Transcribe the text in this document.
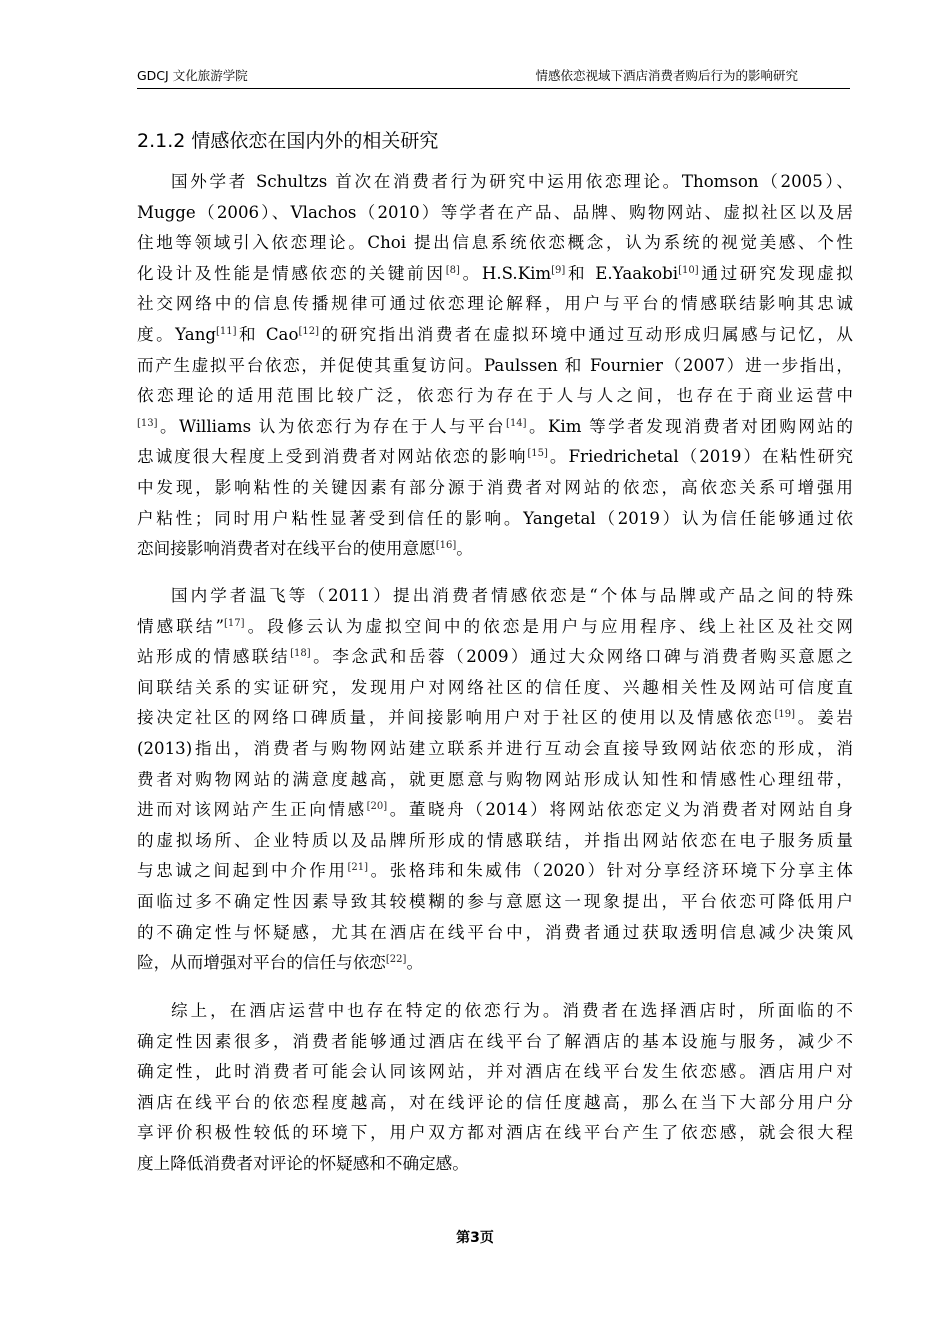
GDCJ 文化旅游学院	情感依恋视域下酒店消费者购后行为的影响研究
2.1.2 情感依恋在国内外的相关研究
国外学者 Schultzs 首次在消费者行为研究中运用依恋理论。Thomson（2005）、
Mugge（2006）、Vlachos（2010）等学者在产品、品牌、购物网站、虚拟社区以及居
住地等领域引入依恋理论。Choi 提出信息系统依恋概念，认为系统的视觉美感、个性
化设计及性能是情感依恋的关键前因[8]。H.S.Kim[9]和 E.Yaakobi[10]通过研究发现虚拟
社交网络中的信息传播规律可通过依恋理论解释，用户与平台的情感联结影响其忠诚
度。Yang[11]和 Cao[12]的研究指出消费者在虚拟环境中通过互动形成归属感与记忆，从
而产生虚拟平台依恋，并促使其重复访问。Paulssen 和 Fournier（2007）进一步指出，
依恋理论的适用范围比较广泛，依恋行为存在于人与人之间，也存在于商业运营中
[13]。Williams 认为依恋行为存在于人与平台[14]。Kim 等学者发现消费者对团购网站的
忠诚度很大程度上受到消费者对网站依恋的影响[15]。Friedrichetal（2019）在粘性研究
中发现，影响粘性的关键因素有部分源于消费者对网站的依恋，高依恋关系可增强用
户粘性；同时用户粘性显著受到信任的影响。Yangetal（2019）认为信任能够通过依
恋间接影响消费者对在线平台的使用意愿[16]。
国内学者温飞等（2011）提出消费者情感依恋是“个体与品牌或产品之间的特殊
情感联结”[17]。段修云认为虚拟空间中的依恋是用户与应用程序、线上社区及社交网
站形成的情感联结[18]。李念武和岳蓉（2009）通过大众网络口碑与消费者购买意愿之
间联结关系的实证研究，发现用户对网络社区的信任度、兴趣相关性及网站可信度直
接决定社区的网络口碑质量，并间接影响用户对于社区的使用以及情感依恋[19]。姜岩
(2013)指出，消费者与购物网站建立联系并进行互动会直接导致网站依恋的形成，消
费者对购物网站的满意度越高，就更愿意与购物网站形成认知性和情感性心理纽带，
进而对该网站产生正向情感[20]。董晓舟（2014）将网站依恋定义为消费者对网站自身
的虚拟场所、企业特质以及品牌所形成的情感联结，并指出网站依恋在电子服务质量
与忠诚之间起到中介作用[21]。张格玮和朱威伟（2020）针对分享经济环境下分享主体
面临过多不确定性因素导致其较模糊的参与意愿这一现象提出，平台依恋可降低用户
的不确定性与怀疑感，尤其在酒店在线平台中，消费者通过获取透明信息减少决策风
险，从而增强对平台的信任与依恋[22]。
综上，在酒店运营中也存在特定的依恋行为。消费者在选择酒店时，所面临的不
确定性因素很多，消费者能够通过酒店在线平台了解酒店的基本设施与服务，减少不
确定性，此时消费者可能会认同该网站，并对酒店在线平台发生依恋感。酒店用户对
酒店在线平台的依恋程度越高，对在线评论的信任度越高，那么在当下大部分用户分
享评价积极性较低的环境下，用户双方都对酒店在线平台产生了依恋感，就会很大程
度上降低消费者对评论的怀疑感和不确定感。
第3页
